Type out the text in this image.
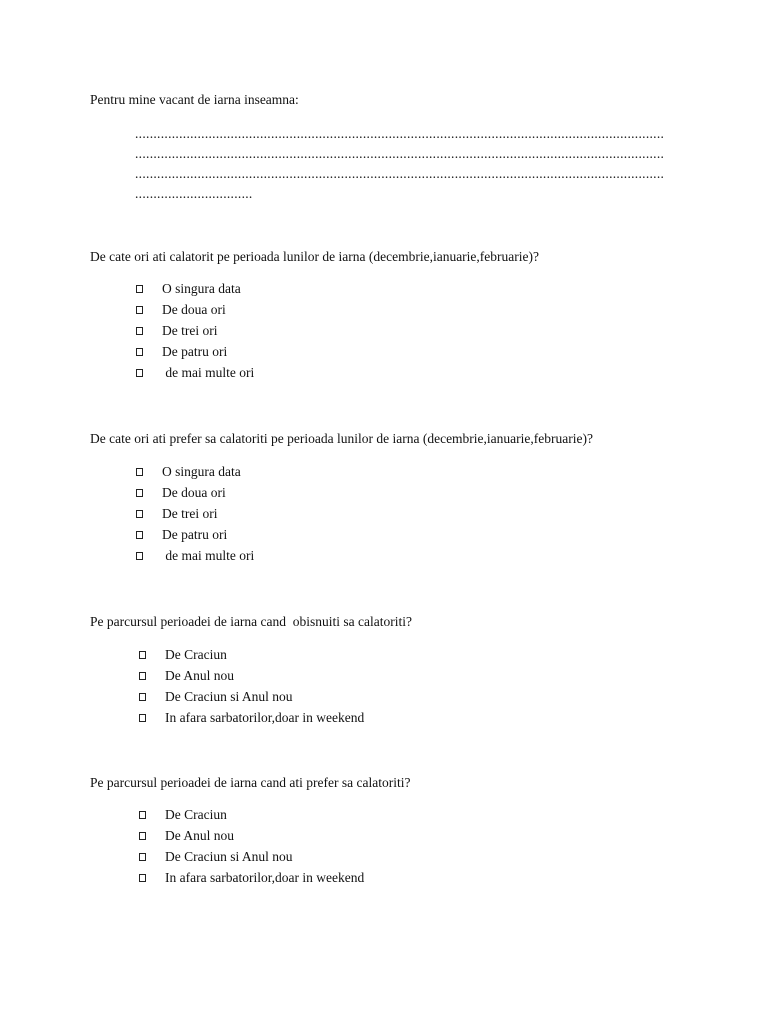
Pentru mine vacant de iarna inseamna:

................................................................................................................................................
................................................................................................................................................
................................................................................................................................................
................................

De cate ori ati calatorit pe perioada lunilor de iarna (decembrie,ianuarie,februarie)?

O singura data
De doua ori
De trei ori
De patru ori
de mai multe ori

De cate ori ati prefer sa calatoriti pe perioada lunilor de iarna (decembrie,ianuarie,februarie)?

O singura data
De doua ori
De trei ori
De patru ori
de mai multe ori

Pe parcursul perioadei de iarna cand  obisnuiti sa calatoriti?

De Craciun
De Anul nou
De Craciun si Anul nou
In afara sarbatorilor,doar in weekend

Pe parcursul perioadei de iarna cand ati prefer sa calatoriti?

De Craciun
De Anul nou
De Craciun si Anul nou
In afara sarbatorilor,doar in weekend
